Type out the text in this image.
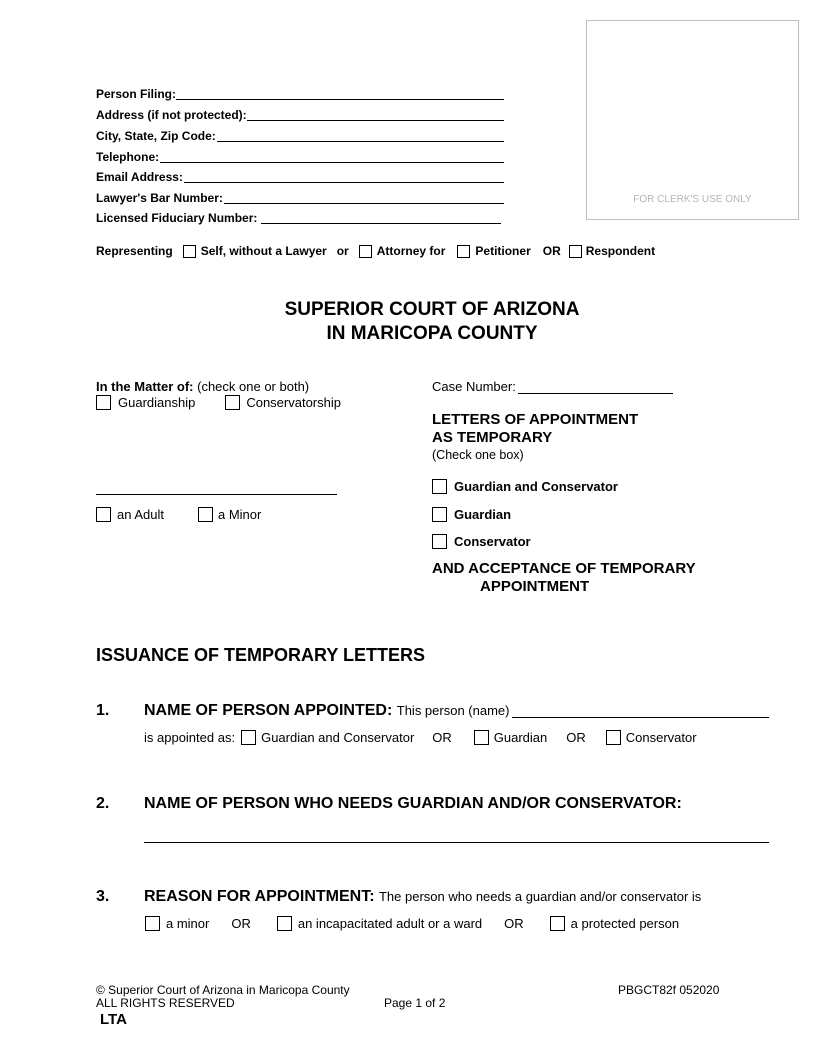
FOR CLERK'S USE ONLY
Person Filing:
Address (if not protected):
City, State, Zip Code:
Telephone:
Email Address:
Lawyer's Bar Number:
Licensed Fiduciary Number:
Representing Self, without a Lawyer or Attorney for	Petitioner OR Respondent
SUPERIOR COURT OF ARIZONA
IN MARICOPA COUNTY
In the Matter of: (check one or both)
Guardianship	Conservatorship
an Adult	a Minor
Case Number:
LETTERS OF APPOINTMENT
AS TEMPORARY
(Check one box)
Guardian and Conservator
Guardian
Conservator
AND ACCEPTANCE OF TEMPORARY
APPOINTMENT
ISSUANCE OF TEMPORARY LETTERS
1. NAME OF PERSON APPOINTED: This person (name)
is appointed as: Guardian and Conservator OR	Guardian OR	Conservator
2. NAME OF PERSON WHO NEEDS GUARDIAN AND/OR CONSERVATOR:
3. REASON FOR APPOINTMENT: The person who needs a guardian and/or conservator is
a minor OR	an incapacitated adult or a ward OR	a protected person
© Superior Court of Arizona in Maricopa County
ALL RIGHTS RESERVED	Page 1 of 2
PBGCT82f 052020
LTA
